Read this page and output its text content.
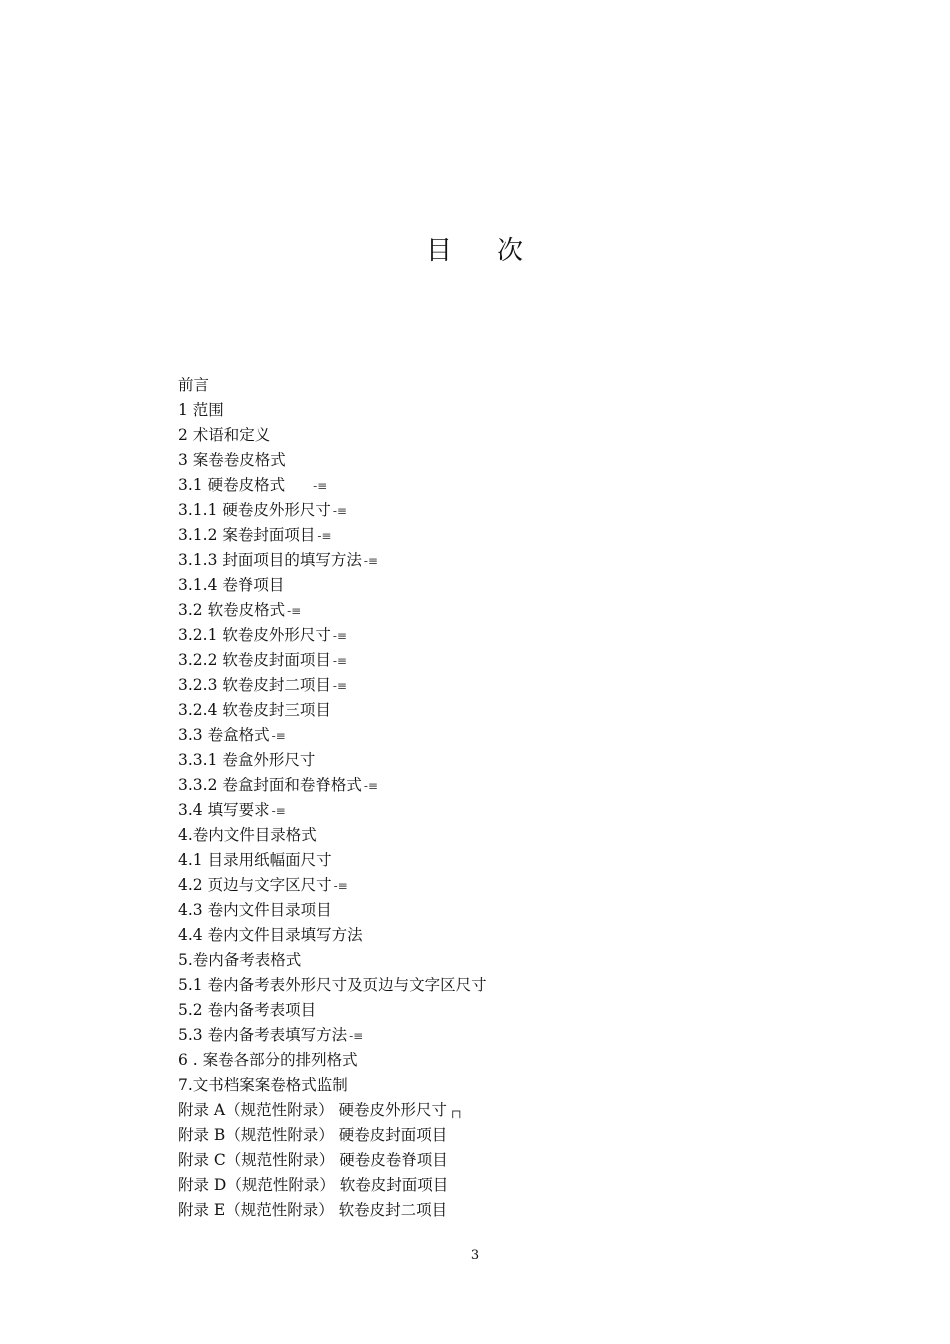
目 次
前言
1 范围
2 术语和定义
3 案卷卷皮格式
3.1 硬卷皮格式 -≡
3.1.1 硬卷皮外形尺寸 -≡
3.1.2 案卷封面项目 -≡
3.1.3 封面项目的填写方法 -≡
3.1.4 卷脊项目
3.2 软卷皮格式 -≡
3.2.1 软卷皮外形尺寸 -≡
3.2.2 软卷皮封面项目 -≡
3.2.3 软卷皮封二项目 -≡
3.2.4 软卷皮封三项目
3.3 卷盒格式 -≡
3.3.1 卷盒外形尺寸
3.3.2 卷盒封面和卷脊格式 -≡
3.4 填写要求 -≡
4.卷内文件目录格式
4.1 目录用纸幅面尺寸
4.2 页边与文字区尺寸 -≡
4.3 卷内文件目录项目
4.4 卷内文件目录填写方法
5.卷内备考表格式
5.1 卷内备考表外形尺寸及页边与文字区尺寸
5.2 卷内备考表项目
5.3 卷内备考表填写方法 -≡
6 . 案卷各部分的排列格式
7.文书档案案卷格式监制
附录 A（规范性附录） 硬卷皮外形尺寸 ┌┐
附录 B（规范性附录） 硬卷皮封面项目
附录 C（规范性附录） 硬卷皮卷脊项目
附录 D（规范性附录） 软卷皮封面项目
附录 E（规范性附录） 软卷皮封二项目
3
